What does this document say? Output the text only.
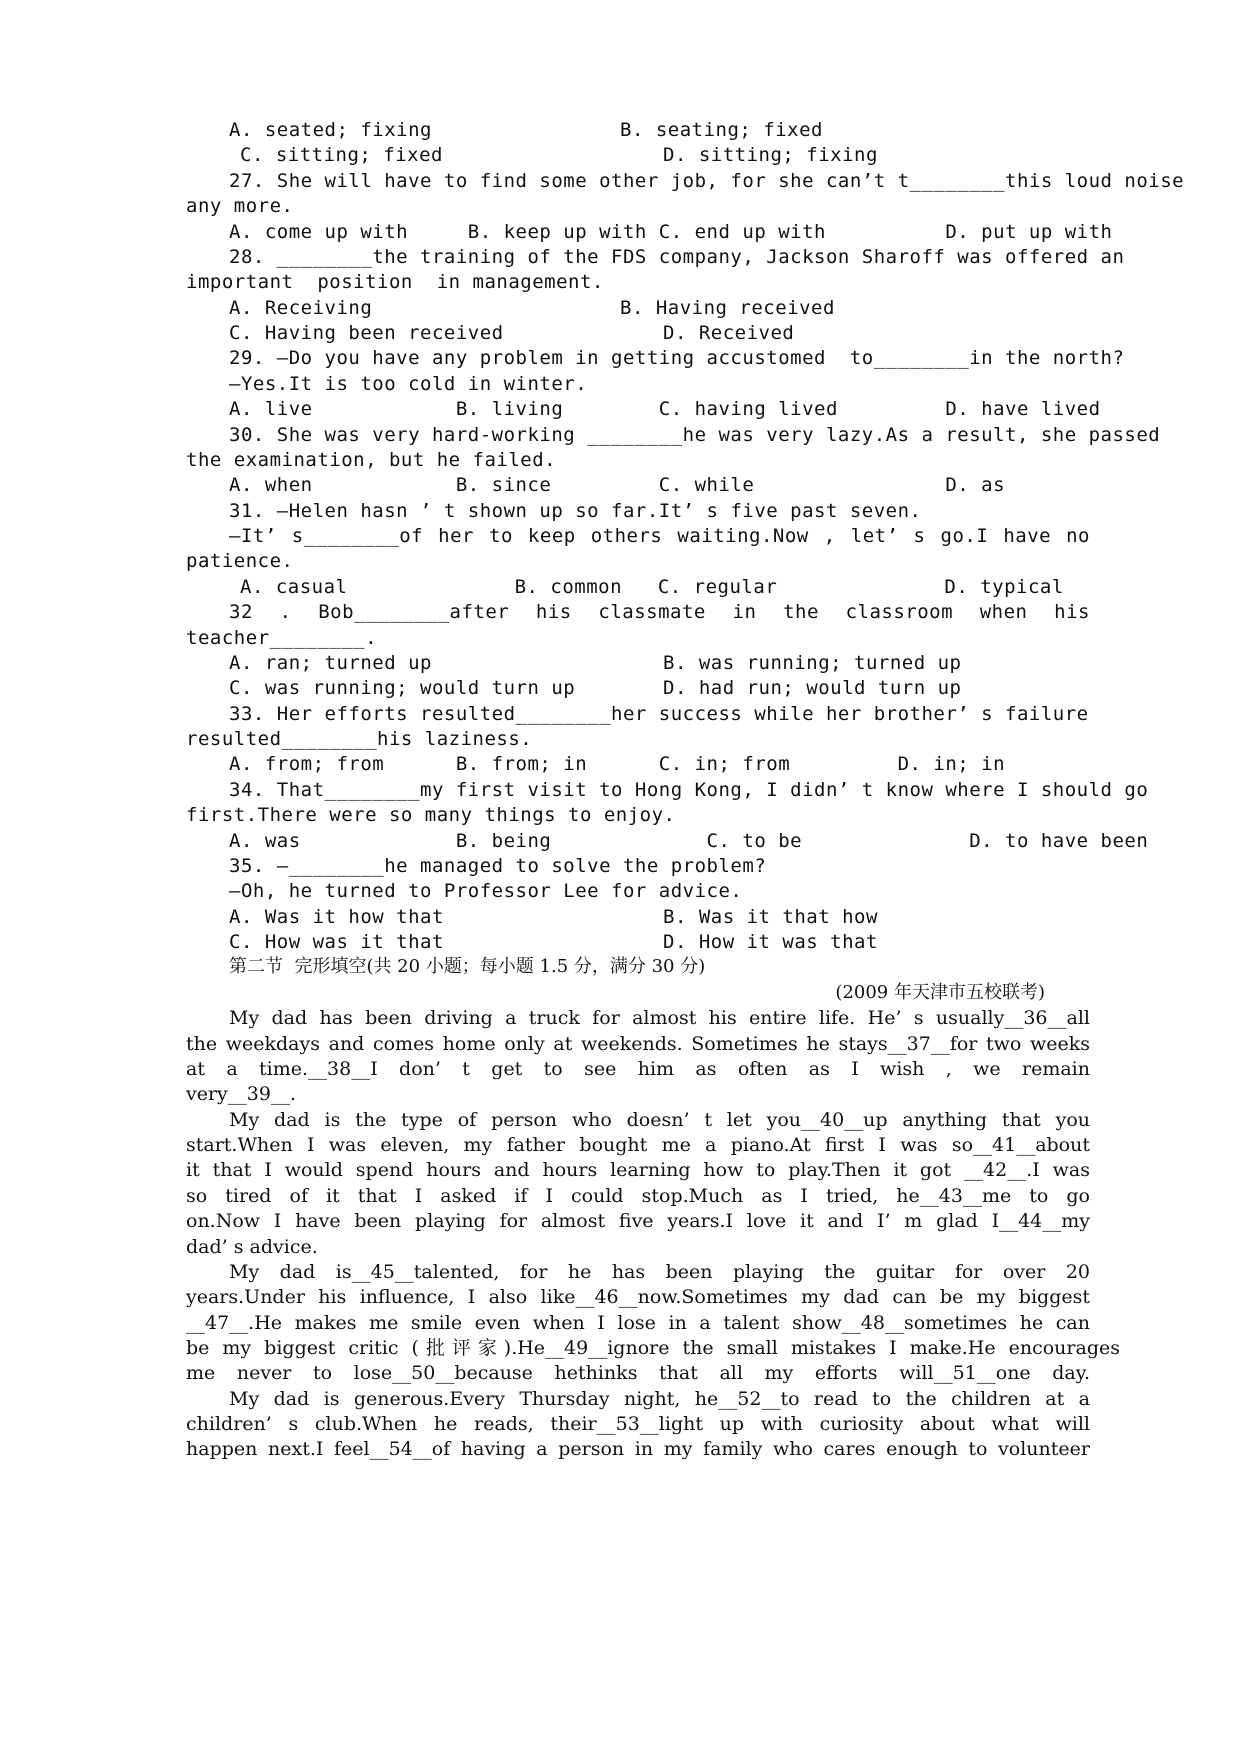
A. seated; fixing	B. seating; fixed
C. sitting; fixed	D. sitting; fixing
27. She will have to find some other job, for she can’t t________this loud noise
any more.
A. come up with     B. keep up with C. end up with          D. put up with
28. ________the training of the FDS company, Jackson Sharoff was offered an
important  position  in management.
A. Receiving	B. Having received
C. Having been received	D. Received
29. —Do you have any problem in getting accustomed  to________in the north?
—Yes.It is too cold in winter.
A. live            B. living        C. having lived         D. have lived
30. She was very hard-working ________he was very lazy.As a result, she passed
the examination, but he failed.
A. when            B. since         C. while                D. as
31. —Helen hasn ’ t shown up so far.It’ s five past seven.
—It’ s________of her to keep others waiting.Now , let’ s go.I have no
patience.
A. casual              B. common   C. regular              D. typical
32 . Bob________after his classmate in the classroom when his
teacher________.
A. ran; turned up	B. was running; turned up
C. was running; would turn up	D. had run; would turn up
33. Her efforts resulted________her success while her brother’ s failure
resulted________his laziness.
A. from; from      B. from; in      C. in; from         D. in; in
34. That________my first visit to Hong Kong, I didn’ t know where I should go
first.There were so many things to enjoy.
A. was             B. being             C. to be              D. to have been
35. —________he managed to solve the problem?
—Oh, he turned to Professor Lee for advice.
A. Was it how that	B. Was it that how
C. How was it that	D. How it was that
第二节  完形填空(共 20 小题；每小题 1.5 分，满分 30 分)
(2009 年天津市五校联考)
My dad has been driving a truck for almost his entire life. He’ s usually__36__all
the weekdays and comes home only at weekends. Sometimes he stays__37__for two weeks
at a time.__38__I don’ t get to see him as often as I wish , we remain
very__39__.
My dad is the type of person who doesn’ t let you__40__up anything that you
start.When I was eleven, my father bought me a piano.At first I was so__41__about
it that I would spend hours and hours learning how to play.Then it got __42__.I was
so tired of it that I asked if I could stop.Much as I tried, he__43__me to go
on.Now I have been playing for almost five years.I love it and I’ m glad I__44__my
dad’ s advice.
My dad is__45__talented, for he has been playing the guitar for over 20
years.Under his influence, I also like__46__now.Sometimes my dad can be my biggest
__47__.He makes me smile even when I lose in a talent show__48__sometimes he can
be my biggest critic (批评家).He__49__ignore the small mistakes I make.He encourages
me never to lose__50__because hethinks that all my efforts will__51__one day.
My dad is generous.Every Thursday night, he__52__to read to the children at a
children’ s club.When he reads, their__53__light up with curiosity about what will
happen next.I feel__54__of having a person in my family who cares enough to volunteer
